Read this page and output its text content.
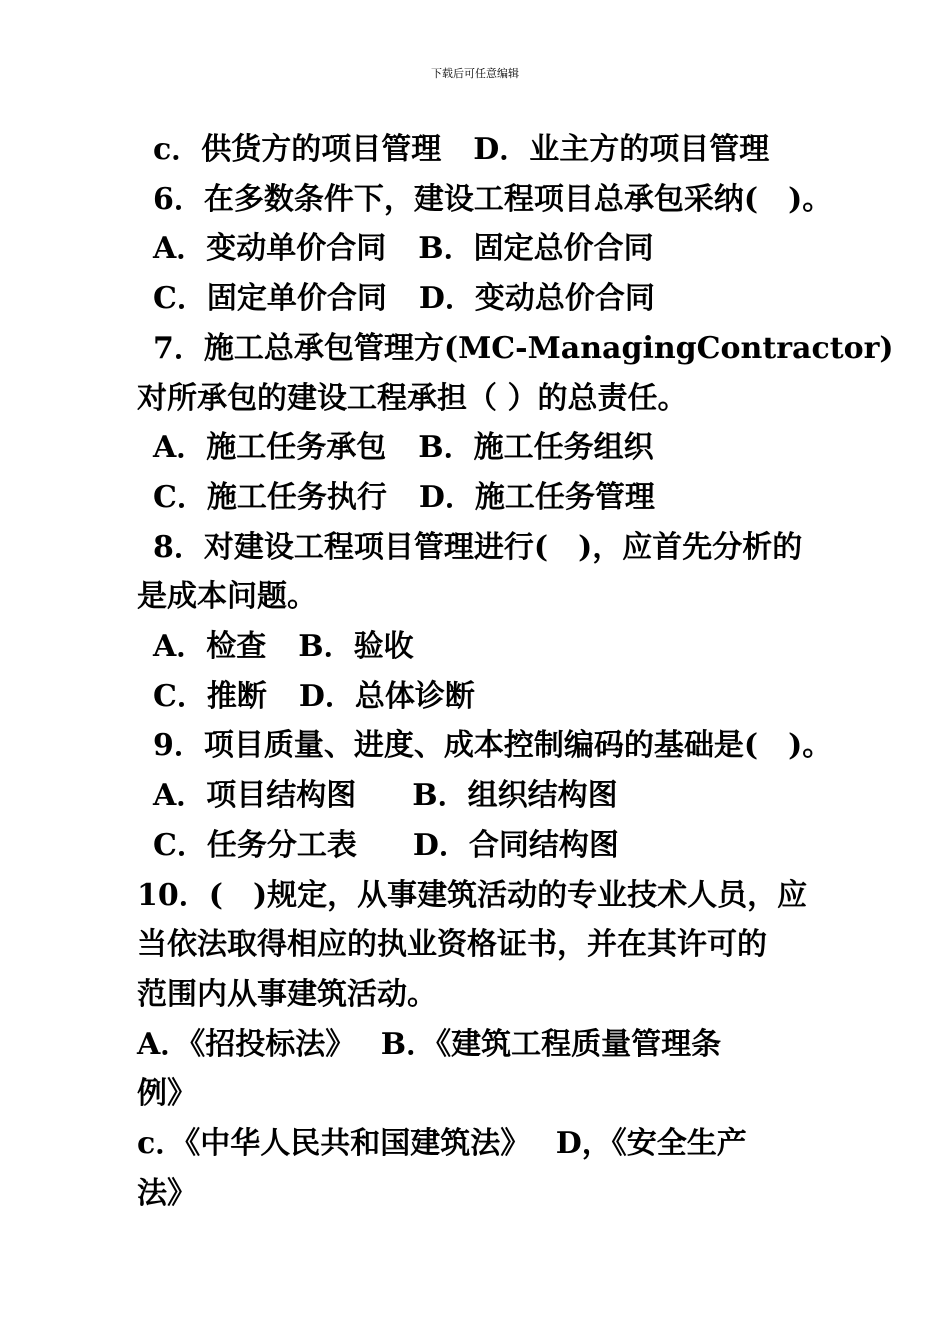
下载后可任意编辑
c．供货方的项目管理 D．业主方的项目管理
6．在多数条件下，建设工程项目总承包采纳(　)。
A．变动单价合同 B．固定总价合同
C．固定单价合同 D．变动总价合同
7．施工总承包管理方(MC-ManagingContractor)
对所承包的建设工程承担（ ）的总责任。
A．施工任务承包 B．施工任务组织
C．施工任务执行 D．施工任务管理
8．对建设工程项目管理进行(　)，应首先分析的
是成本问题。
A．检查 B．验收
C．推断 D．总体诊断
9．项目质量、进度、成本控制编码的基础是(　)。
A．项目结构图 B．组织结构图
C．任务分工表 D．合同结构图
10．(　)规定，从事建筑活动的专业技术人员，应
当依法取得相应的执业资格证书，并在其许可的
范围内从事建筑活动。
A．《招投标法》　 B．《建筑工程质量管理条
例》
c．《中华人民共和国建筑法》　 D，《安全生产
法》
